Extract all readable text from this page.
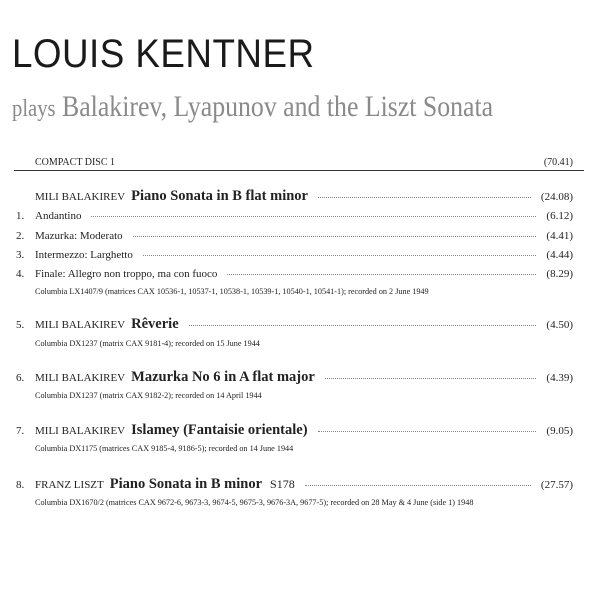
LOUIS KENTNER
plays Balakirev, Lyapunov and the Liszt Sonata
COMPACT DISC 1	(70.41)
MILI BALAKIREV Piano Sonata in B flat minor	(24.08)
1. Andantino	(6.12)
2. Mazurka: Moderato	(4.41)
3. Intermezzo: Larghetto	(4.44)
4. Finale: Allegro non troppo, ma con fuoco	(8.29)
Columbia LX1407/9 (matrices CAX 10536-1, 10537-1, 10538-1, 10539-1, 10540-1, 10541-1); recorded on 2 June 1949
5. MILI BALAKIREV Rêverie	(4.50)
Columbia DX1237 (matrix CAX 9181-4); recorded on 15 June 1944
6. MILI BALAKIREV Mazurka No 6 in A flat major	(4.39)
Columbia DX1237 (matrix CAX 9182-2); recorded on 14 April 1944
7. MILI BALAKIREV Islamey (Fantaisie orientale)	(9.05)
Columbia DX1175 (matrices CAX 9185-4, 9186-5); recorded on 14 June 1944
8. FRANZ LISZT Piano Sonata in B minor S178	(27.57)
Columbia DX1670/2 (matrices CAX 9672-6, 9673-3, 9674-5, 9675-3, 9676-3A, 9677-5); recorded on 28 May & 4 June (side 1) 1948
